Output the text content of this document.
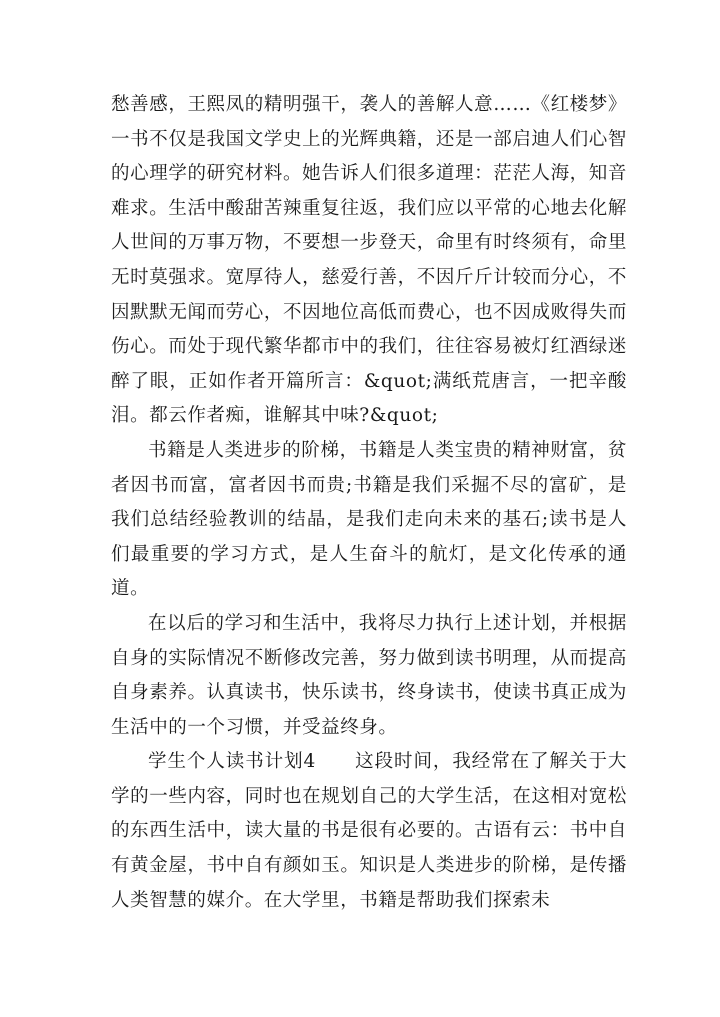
愁善感，王熙凤的精明强干，袭人的善解人意……《红楼梦》一书不仅是我国文学史上的光辉典籍，还是一部启迪人们心智的心理学的研究材料。她告诉人们很多道理：茫茫人海，知音难求。生活中酸甜苦辣重复往返，我们应以平常的心地去化解人世间的万事万物，不要想一步登天，命里有时终须有，命里无时莫强求。宽厚待人，慈爱行善，不因斤斤计较而分心，不因默默无闻而劳心，不因地位高低而费心，也不因成败得失而伤心。而处于现代繁华都市中的我们，往往容易被灯红酒绿迷醉了眼，正如作者开篇所言：&quot;满纸荒唐言，一把辛酸泪。都云作者痴，谁解其中味?&quot;

书籍是人类进步的阶梯，书籍是人类宝贵的精神财富，贫者因书而富，富者因书而贵;书籍是我们采掘不尽的富矿，是我们总结经验教训的结晶，是我们走向未来的基石;读书是人们最重要的学习方式，是人生奋斗的航灯，是文化传承的通道。

在以后的学习和生活中，我将尽力执行上述计划，并根据自身的实际情况不断修改完善，努力做到读书明理，从而提高自身素养。认真读书，快乐读书，终身读书，使读书真正成为生活中的一个习惯，并受益终身。

学生个人读书计划4　　这段时间，我经常在了解关于大学的一些内容，同时也在规划自己的大学生活，在这相对宽松的东西生活中，读大量的书是很有必要的。古语有云：书中自有黄金屋，书中自有颜如玉。知识是人类进步的阶梯，是传播人类智慧的媒介。在大学里，书籍是帮助我们探索未
